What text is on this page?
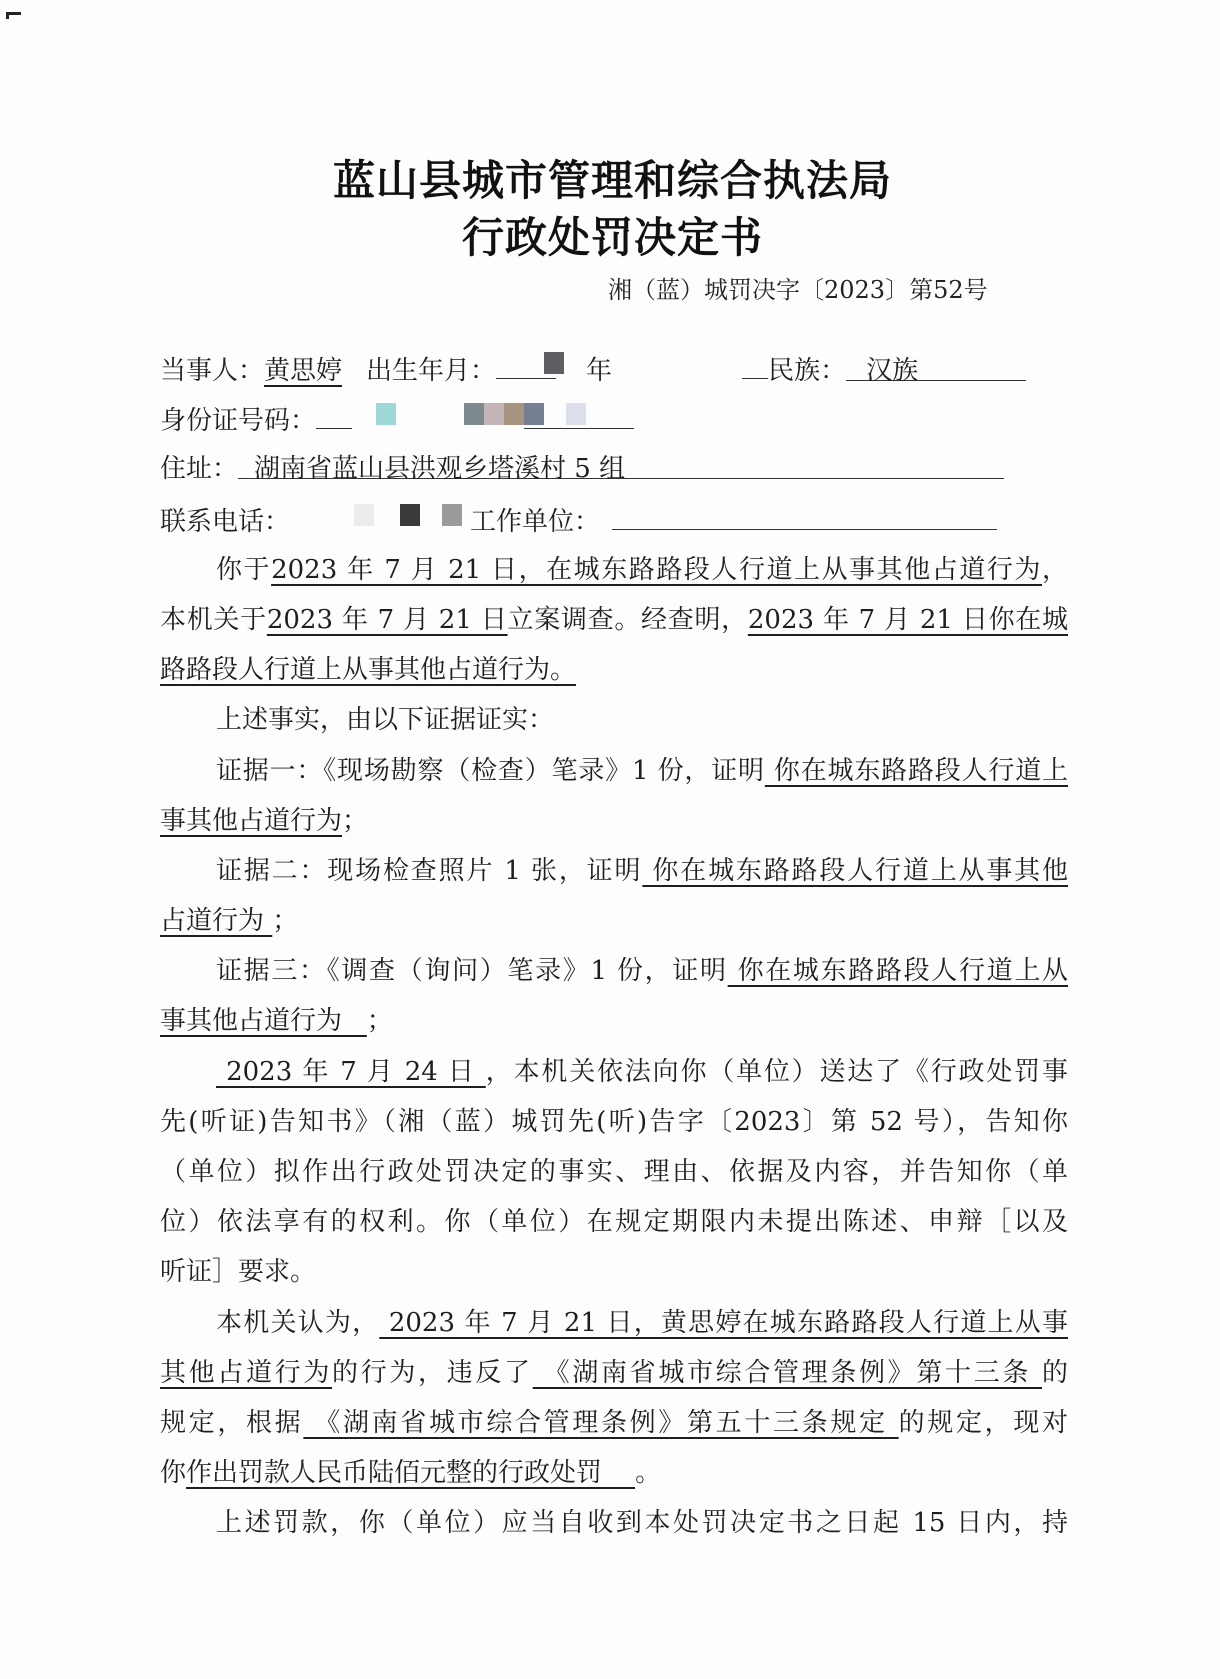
蓝山县城市管理和综合执法局
行政处罚决定书
湘（蓝）城罚决字〔2023〕第52号
当事人： 黄思婷 出生年月：	年	民族： 汉族
身份证号码：
住址： 湖南省蓝山县洪观乡塔溪村 5 组
联系电话：	工作单位：
你于2023 年 7 月 21 日，在城东路路段人行道上从事其他占道行为，
本机关于2023 年 7 月 21 日立案调查。经查明，2023 年 7 月 21 日你在城
路路段人行道上从事其他占道行为。
上述事实，由以下证据证实：
证据一：《现场勘察（检查）笔录》1 份，证明 你在城东路路段人行道上
事其他占道行为；
证据二：现场检查照片 1 张，证明 你在城东路路段人行道上从事其他
占道行为 ；
证据三：《调查（询问）笔录》1 份，证明 你在城东路路段人行道上从
事其他占道行为   ；
2023 年 7 月 24 日 ，本机关依法向你（单位）送达了《行政处罚事
先(听证)告知书》（湘（蓝）城罚先(听)告字〔2023〕第 52 号），告知你
（单位）拟作出行政处罚决定的事实、理由、依据及内容，并告知你（单
位）依法享有的权利。你（单位）在规定期限内未提出陈述、申辩［以及
听证］要求。
本机关认为， 2023 年 7 月 21 日，黄思婷在城东路路段人行道上从事
其他占道行为的行为，违反了 《湖南省城市综合管理条例》第十三条 的
规定，根据 《湖南省城市综合管理条例》第五十三条规定 的规定，现对
你作出罚款人民币陆佰元整的行政处罚    。
上述罚款，你（单位）应当自收到本处罚决定书之日起 15 日内，持
